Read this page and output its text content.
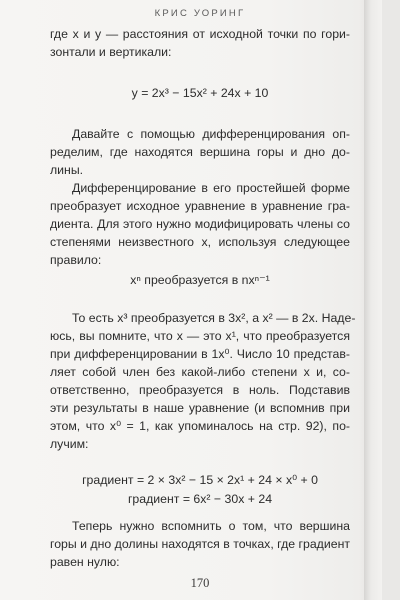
КРИС УОРИНГ
где x и y — расстояния от исходной точки по гори-
зонтали и вертикали:
y = 2x³ − 15x² + 24x + 10
Давайте с помощью дифференцирования оп-
ределим, где находятся вершина горы и дно до-
лины.
Дифференцирование в его простейшей форме
преобразует исходное уравнение в уравнение гра-
диента. Для этого нужно модифицировать члены со
степенями неизвестного x, используя следующее
правило:
xⁿ преобразуется в nxⁿ⁻¹
То есть x³ преобразуется в 3x², а x² — в 2x. Наде-
юсь, вы помните, что x — это x¹, что преобразуется
при дифференцировании в 1x⁰. Число 10 представ-
ляет собой член без какой-либо степени x и, со-
ответственно, преобразуется в ноль. Подставив
эти результаты в наше уравнение (и вспомнив при
этом, что x⁰ = 1, как упоминалось на стр. 92), по-
лучим:
градиент = 2 × 3x² − 15 × 2x¹ + 24 × x⁰ + 0
градиент = 6x² − 30x + 24
Теперь нужно вспомнить о том, что вершина
горы и дно долины находятся в точках, где градиент
равен нулю:
170
